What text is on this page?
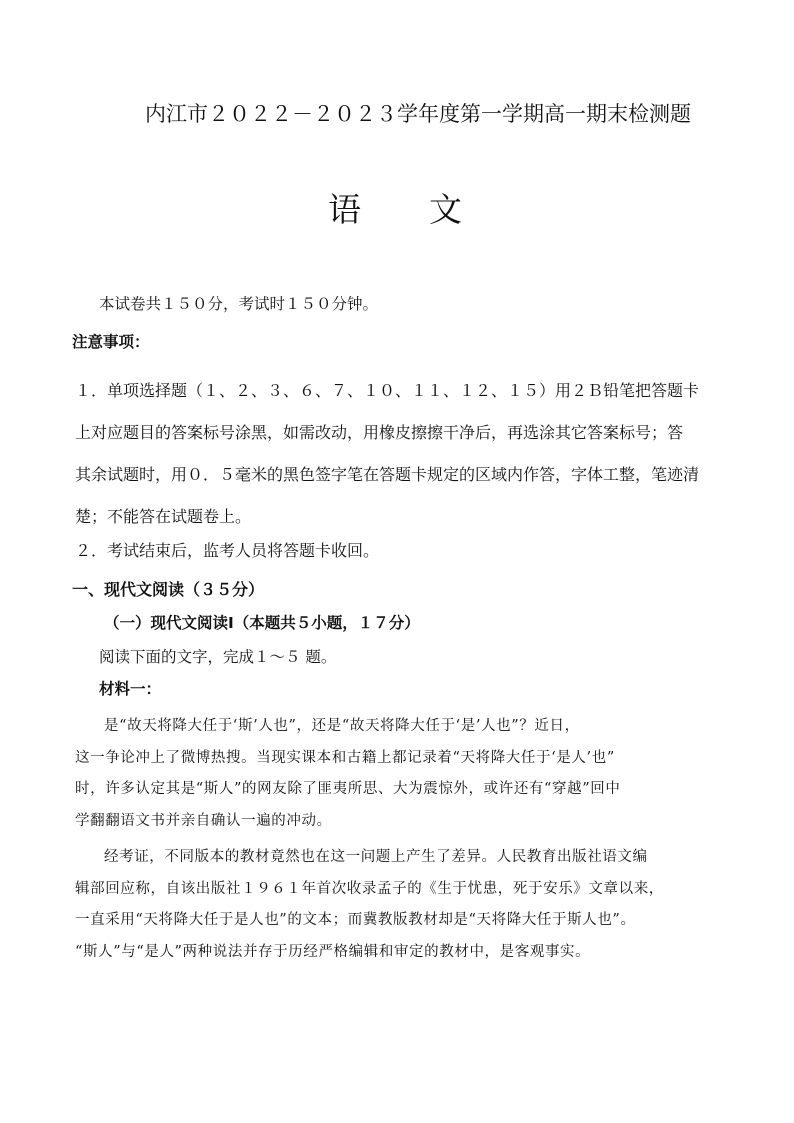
内江市２０２２－２０２３学年度第一学期高一期末检测题
语文
本试卷共１５０分，考试时１５０分钟。
注意事项：
１．单项选择题（１、２、３、６、７、１０、１１、１２、１５）用２Ｂ铅笔把答题卡
上对应题目的答案标号涂黑，如需改动，用橡皮擦擦干净后，再选涂其它答案标号；答
其余试题时，用０．５毫米的黑色签字笔在答题卡规定的区域内作答，字体工整，笔迹清
楚；不能答在试题卷上。
２．考试结束后，监考人员将答题卡收回。
一、现代文阅读（３５分）
（一）现代文阅读Ⅰ（本题共５小题，１７分）
阅读下面的文字，完成１～５ 题。
材料一：
是“故天将降大任于‘斯’人也”，还是“故天将降大任于‘是’人也”？近日，
这一争论冲上了微博热搜。当现实课本和古籍上都记录着“天将降大任于‘是人’也”
时，许多认定其是“斯人”的网友除了匪夷所思、大为震惊外，或许还有“穿越”回中
学翻翻语文书并亲自确认一遍的冲动。
经考证，不同版本的教材竟然也在这一问题上产生了差异。人民教育出版社语文编
辑部回应称，自该出版社１９６１年首次收录孟子的《生于忧患，死于安乐》文章以来，
一直采用“天将降大任于是人也”的文本；而冀教版教材却是“天将降大任于斯人也”。
“斯人”与“是人”两种说法并存于历经严格编辑和审定的教材中，是客观事实。
